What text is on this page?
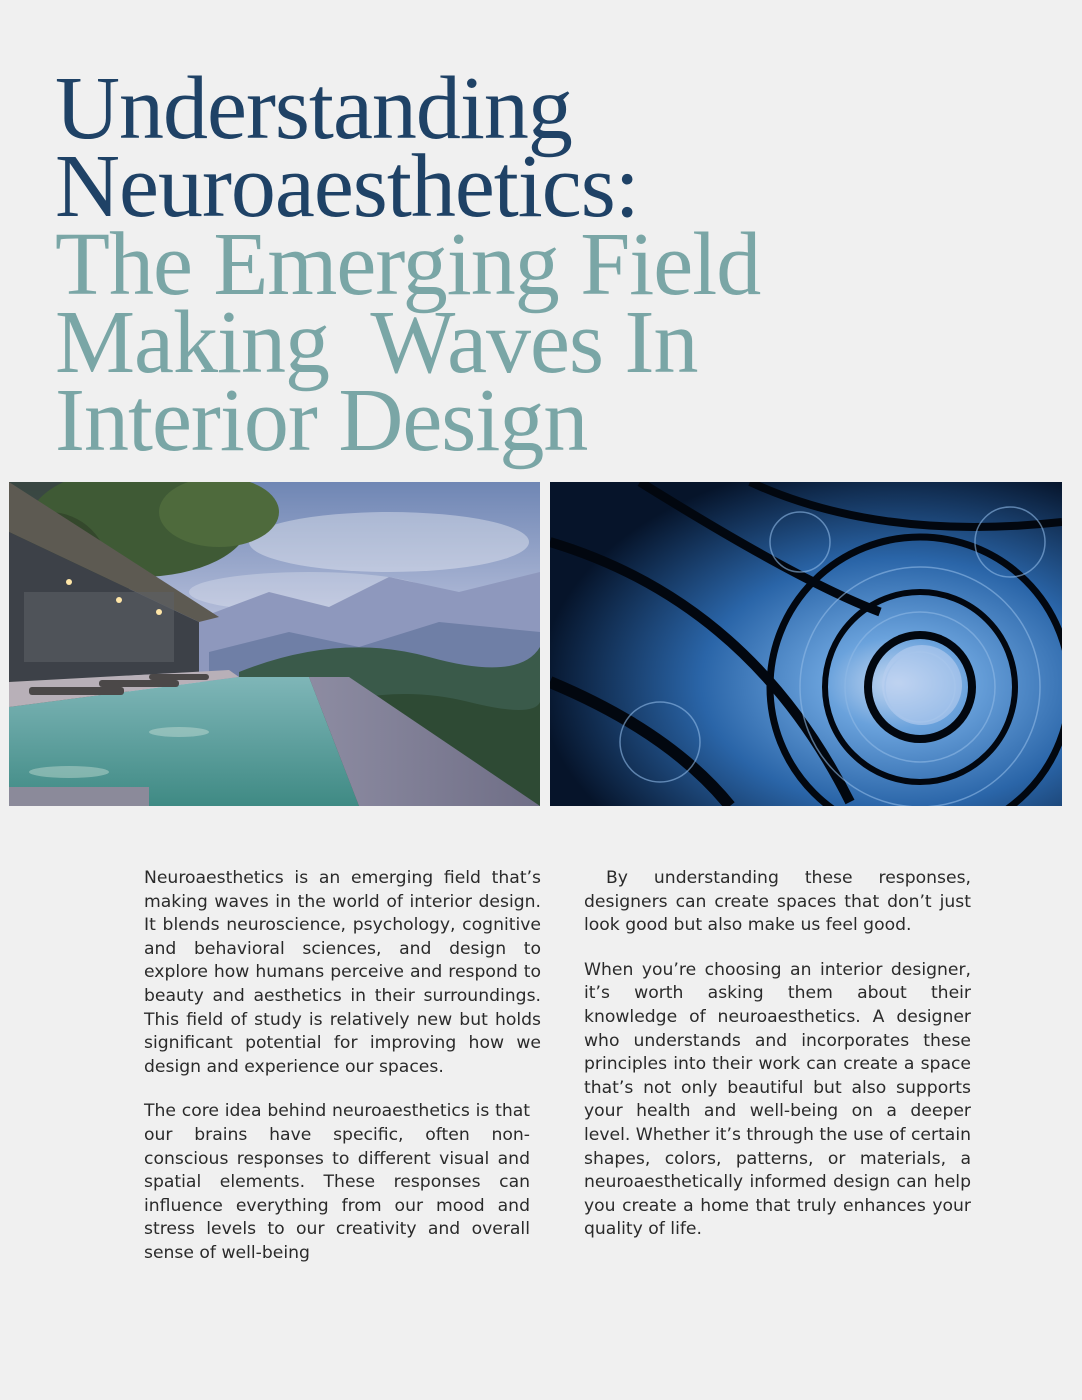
Understanding
Neuroaesthetics:
The Emerging Field
Making  Waves In
Interior Design

Neuroaesthetics is an emerging field that’s making waves in the world of interior design. It blends neuroscience, psychology, cognitive and behavioral sciences, and design to explore how humans perceive and respond to beauty and aesthetics in their surroundings. This field of study is relatively new but holds significant potential for improving how we design and experience our spaces.

The core idea behind neuroaesthetics is that our brains have specific, often non-conscious responses to different visual and spatial elements. These responses can influence everything from our mood and stress levels to our creativity and overall sense of well-being

By understanding these responses, designers can create spaces that don’t just look good but also make us feel good.

When you’re choosing an interior designer, it’s worth asking them about their knowledge of neuroaesthetics. A designer who understands and incorporates these principles into their work can create a space that’s not only beautiful but also supports your health and well-being on a deeper level. Whether it’s through the use of certain shapes, colors, patterns, or materials, a neuroaesthetically informed design can help you create a home that truly enhances your quality of life.
